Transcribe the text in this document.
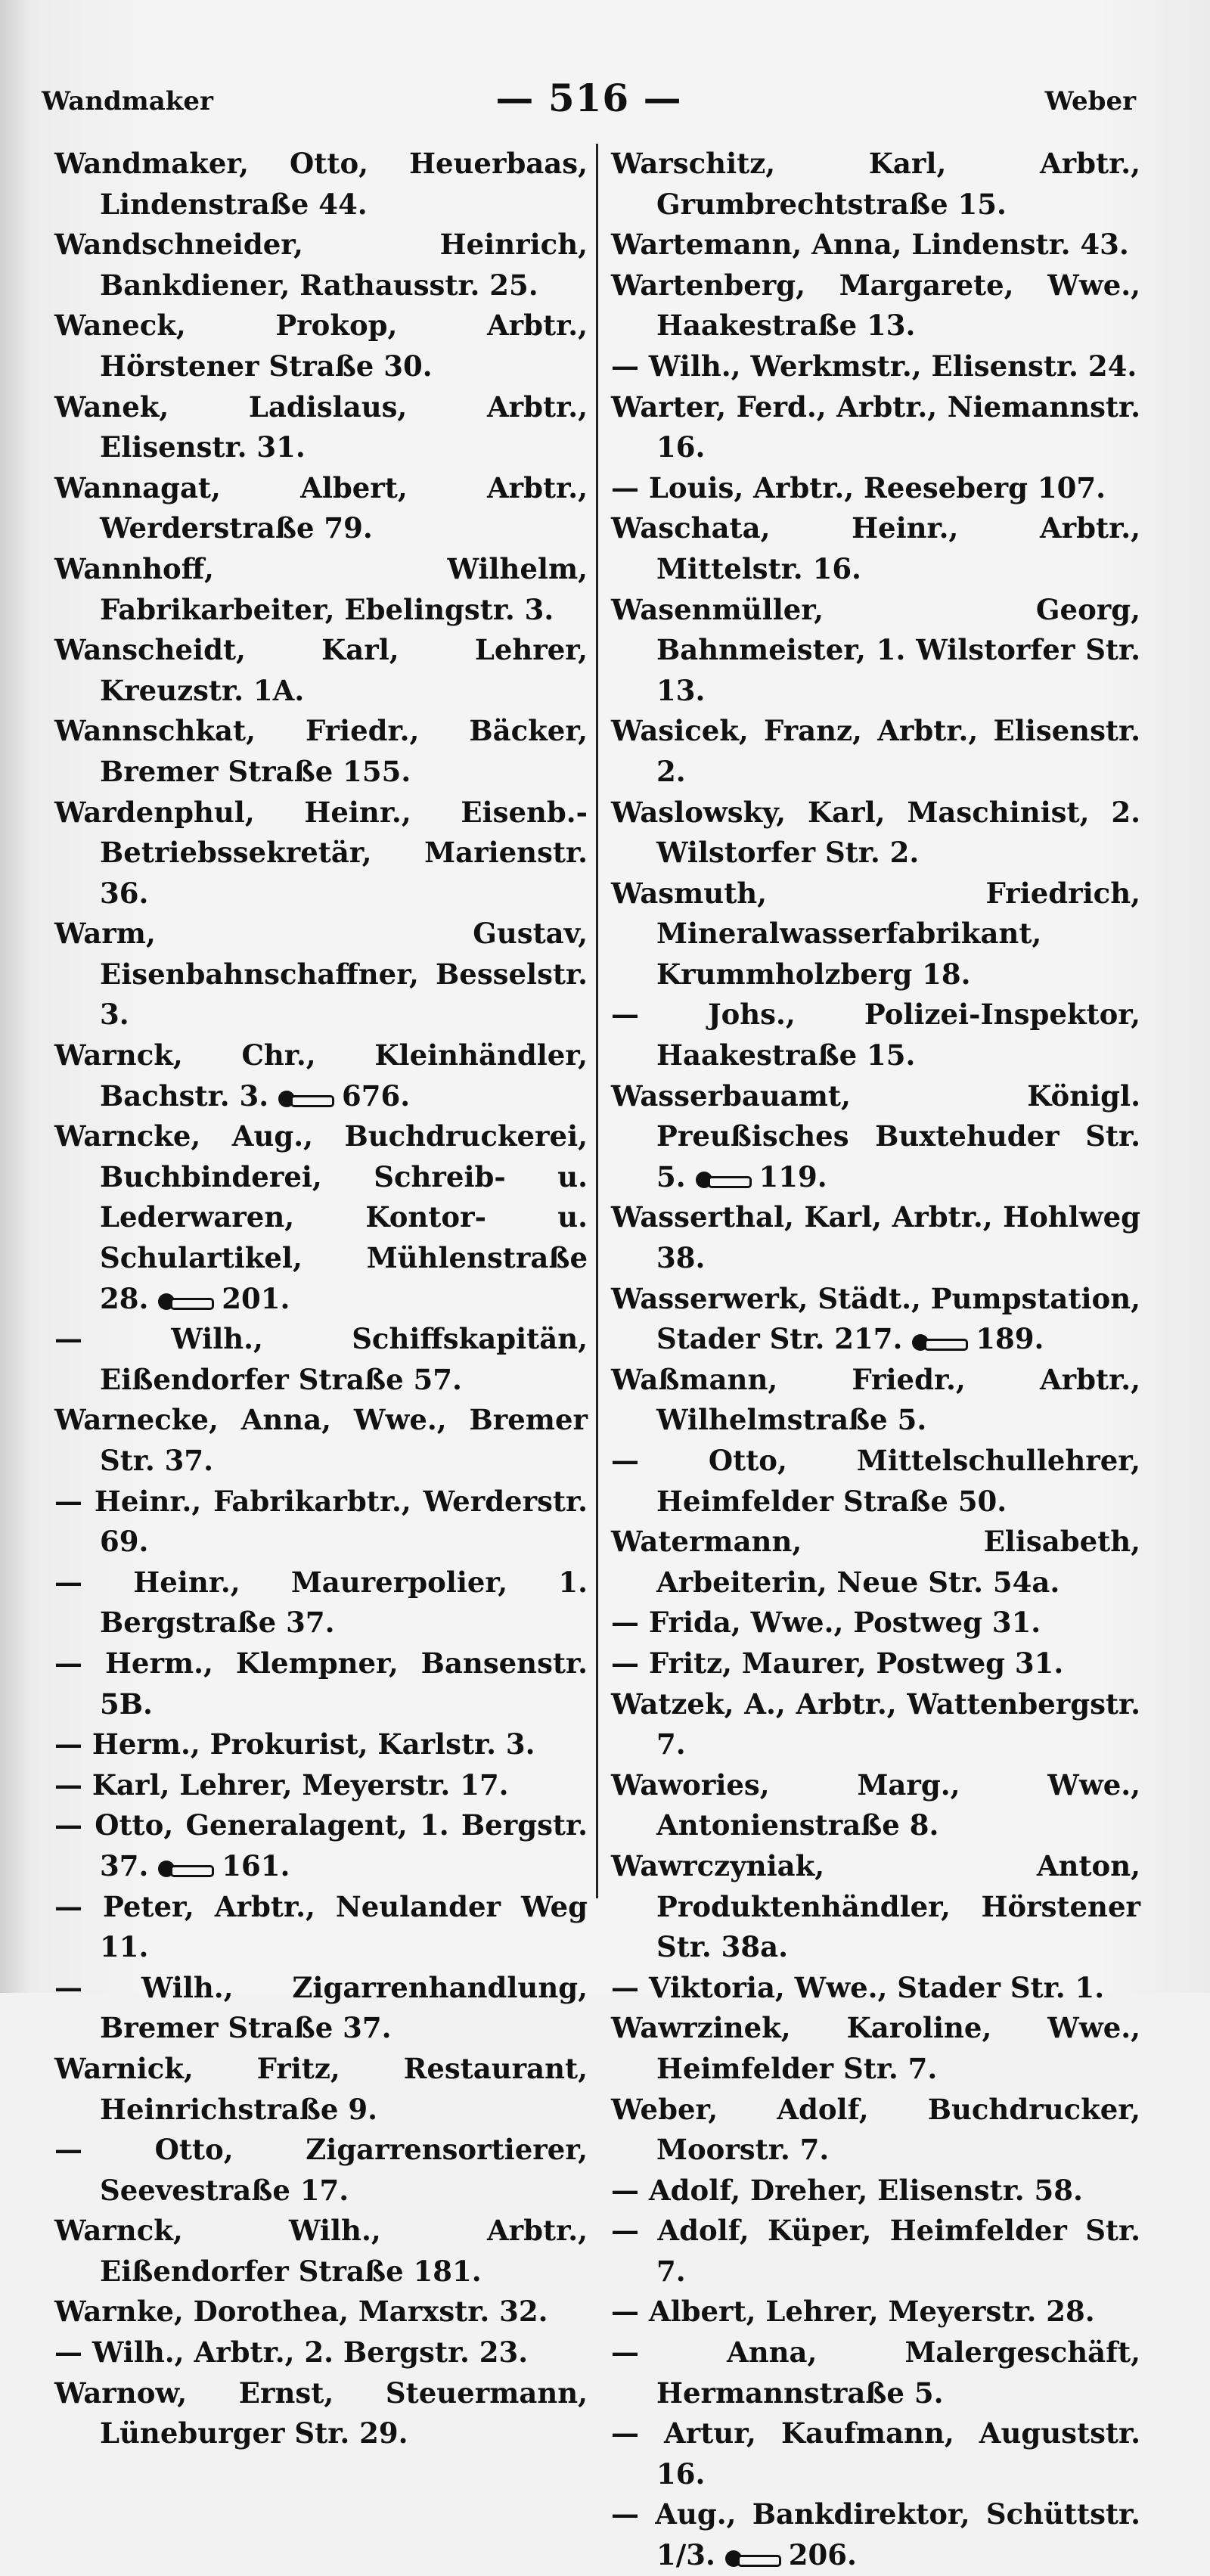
Wandmaker	— 516 —	Weber

Wandmaker, Otto, Heuerbaas, Lindenstraße 44.

Wandschneider, Heinrich, Bankdiener, Rathausstr. 25.

Waneck, Prokop, Arbtr., Hörstener Straße 30.

Wanek, Ladislaus, Arbtr., Elisenstr. 31.

Wannagat, Albert, Arbtr., Werderstraße 79.

Wannhoff, Wilhelm, Fabrikarbeiter, Ebelingstr. 3.

Wanscheidt, Karl, Lehrer, Kreuzstr. 1A.

Wannschkat, Friedr., Bäcker, Bremer Straße 155.

Wardenphul, Heinr., Eisenb.-Betriebssekretär, Marienstr. 36.

Warm, Gustav, Eisenbahnschaffner, Besselstr. 3.

Warnck, Chr., Kleinhändler, Bachstr. 3. 676.

Warncke, Aug., Buchdruckerei, Buchbinderei, Schreib- u. Lederwaren, Kontor- u. Schulartikel, Mühlenstraße 28. 201.

— Wilh., Schiffskapitän, Eißendorfer Straße 57.

Warnecke, Anna, Wwe., Bremer Str. 37.

— Heinr., Fabrikarbtr., Werderstr. 69.

— Heinr., Maurerpolier, 1. Bergstraße 37.

— Herm., Klempner, Bansenstr. 5B.

— Herm., Prokurist, Karlstr. 3.

— Karl, Lehrer, Meyerstr. 17.

— Otto, Generalagent, 1. Bergstr. 37. 161.

— Peter, Arbtr., Neulander Weg 11.

— Wilh., Zigarrenhandlung, Bremer Straße 37.

Warnick, Fritz, Restaurant, Heinrichstraße 9.

— Otto, Zigarrensortierer, Seevestraße 17.

Warnck, Wilh., Arbtr., Eißendorfer Straße 181.

Warnke, Dorothea, Marxstr. 32.

— Wilh., Arbtr., 2. Bergstr. 23.

Warnow, Ernst, Steuermann, Lüneburger Str. 29.

Warschitz, Karl, Arbtr., Grumbrechtstraße 15.

Wartemann, Anna, Lindenstr. 43.

Wartenberg, Margarete, Wwe., Haakestraße 13.

— Wilh., Werkmstr., Elisenstr. 24.

Warter, Ferd., Arbtr., Niemannstr. 16.

— Louis, Arbtr., Reeseberg 107.

Waschata, Heinr., Arbtr., Mittelstr. 16.

Wasenmüller, Georg, Bahnmeister, 1. Wilstorfer Str. 13.

Wasicek, Franz, Arbtr., Elisenstr. 2.

Waslowsky, Karl, Maschinist, 2. Wilstorfer Str. 2.

Wasmuth, Friedrich, Mineralwasserfabrikant, Krummholzberg 18.

— Johs., Polizei-Inspektor, Haakestraße 15.

Wasserbauamt, Königl. Preußisches Buxtehuder Str. 5. 119.

Wasserthal, Karl, Arbtr., Hohlweg 38.

Wasserwerk, Städt., Pumpstation, Stader Str. 217. 189.

Waßmann, Friedr., Arbtr., Wilhelmstraße 5.

— Otto, Mittelschullehrer, Heimfelder Straße 50.

Watermann, Elisabeth, Arbeiterin, Neue Str. 54a.

— Frida, Wwe., Postweg 31.

— Fritz, Maurer, Postweg 31.

Watzek, A., Arbtr., Wattenbergstr. 7.

Wawories, Marg., Wwe., Antonienstraße 8.

Wawrczyniak, Anton, Produktenhändler, Hörstener Str. 38a.

— Viktoria, Wwe., Stader Str. 1.

Wawrzinek, Karoline, Wwe., Heimfelder Str. 7.

Weber, Adolf, Buchdrucker, Moorstr. 7.

— Adolf, Dreher, Elisenstr. 58.

— Adolf, Küper, Heimfelder Str. 7.

— Albert, Lehrer, Meyerstr. 28.

— Anna, Malergeschäft, Hermannstraße 5.

— Artur, Kaufmann, Auguststr. 16.

— Aug., Bankdirektor, Schüttstr. 1/3. 206.
